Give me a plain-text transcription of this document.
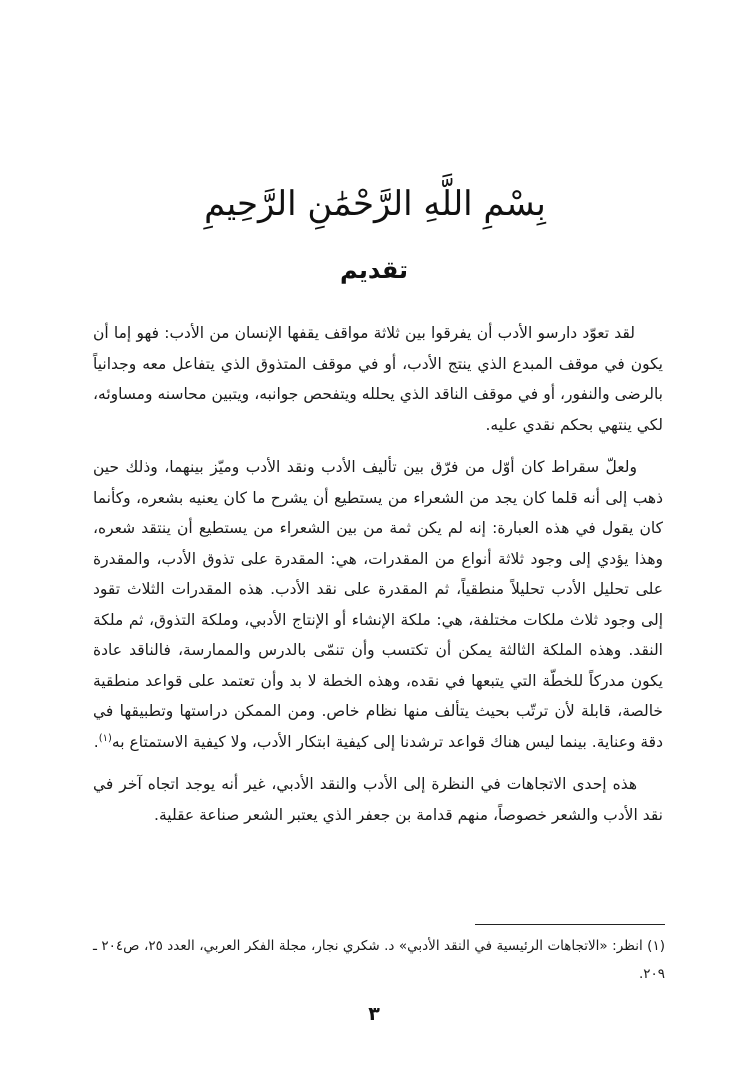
بِسْمِ اللَّهِ الرَّحْمَٰنِ الرَّحِيمِ
تقديم

لقد تعوّد دارسو الأدب أن يفرقوا بين ثلاثة مواقف يقفها الإنسان من الأدب: فهو إما أن يكون في موقف المبدع الذي ينتج الأدب، أو في موقف المتذوق الذي يتفاعل معه وجدانياً بالرضى والنفور، أو في موقف الناقد الذي يحلله ويتفحص جوانبه، ويتبين محاسنه ومساوئه، لكي ينتهي بحكم نقدي عليه.

ولعلّ سقراط كان أوّل من فرّق بين تأليف الأدب ونقد الأدب وميّز بينهما، وذلك حين ذهب إلى أنه قلما كان يجد من الشعراء من يستطيع أن يشرح ما كان يعنيه بشعره، وكأنما كان يقول في هذه العبارة: إنه لم يكن ثمة من بين الشعراء من يستطيع أن ينتقد شعره، وهذا يؤدي إلى وجود ثلاثة أنواع من المقدرات، هي: المقدرة على تذوق الأدب، والمقدرة على تحليل الأدب تحليلاً منطقياً، ثم المقدرة على نقد الأدب. هذه المقدرات الثلاث تقود إلى وجود ثلاث ملكات مختلفة، هي: ملكة الإنشاء أو الإنتاج الأدبي، وملكة التذوق، ثم ملكة النقد. وهذه الملكة الثالثة يمكن أن تكتسب وأن تنمّى بالدرس والممارسة، فالناقد عادة يكون مدركاً للخطّة التي يتبعها في نقده، وهذه الخطة لا بد وأن تعتمد على قواعد منطقية خالصة، قابلة لأن ترتّب بحيث يتألف منها نظام خاص. ومن الممكن دراستها وتطبيقها في دقة وعناية. بينما ليس هناك قواعد ترشدنا إلى كيفية ابتكار الأدب، ولا كيفية الاستمتاع به$^{(١)}$.

هذه إحدى الاتجاهات في النظرة إلى الأدب والنقد الأدبي، غير أنه يوجد اتجاه آخر في نقد الأدب والشعر خصوصاً، منهم قدامة بن جعفر الذي يعتبر الشعر صناعة عقلية.

(١) انظر: «الاتجاهات الرئيسية في النقد الأدبي» د. شكري نجار، مجلة الفكر العربي، العدد ٢٥، ص٢٠٤ ـ ٢٠٩.
٣
